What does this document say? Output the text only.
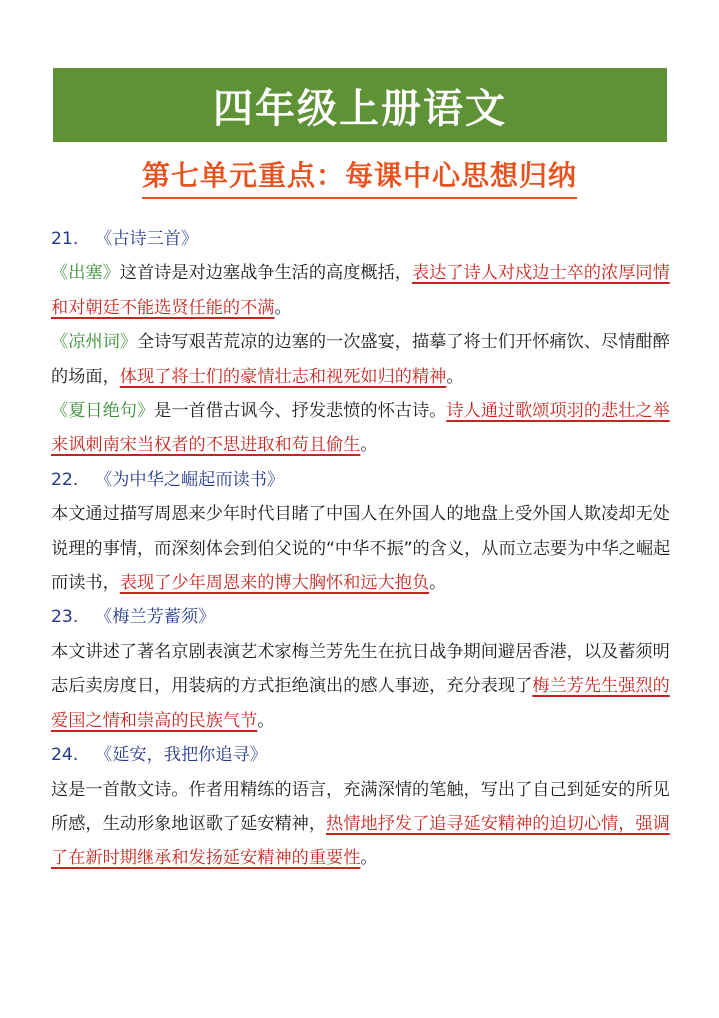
四年级上册语文
第七单元重点：每课中心思想归纳

21. 《古诗三首》

《出塞》这首诗是对边塞战争生活的高度概括，表达了诗人对戍边士卒的浓厚同情和对朝廷不能选贤任能的不满。

《凉州词》全诗写艰苦荒凉的边塞的一次盛宴，描摹了将士们开怀痛饮、尽情酣醉的场面，体现了将士们的豪情壮志和视死如归的精神。

《夏日绝句》是一首借古讽今、抒发悲愤的怀古诗。诗人通过歌颂项羽的悲壮之举来讽刺南宋当权者的不思进取和苟且偷生。

22. 《为中华之崛起而读书》

本文通过描写周恩来少年时代目睹了中国人在外国人的地盘上受外国人欺凌却无处说理的事情，而深刻体会到伯父说的“中华不振”的含义，从而立志要为中华之崛起而读书，表现了少年周恩来的博大胸怀和远大抱负。

23. 《梅兰芳蓄须》

本文讲述了著名京剧表演艺术家梅兰芳先生在抗日战争期间避居香港，以及蓄须明志后卖房度日，用装病的方式拒绝演出的感人事迹，充分表现了梅兰芳先生强烈的爱国之情和崇高的民族气节。

24. 《延安，我把你追寻》

这是一首散文诗。作者用精练的语言，充满深情的笔触，写出了自己到延安的所见所感，生动形象地讴歌了延安精神，热情地抒发了追寻延安精神的迫切心情，强调了在新时期继承和发扬延安精神的重要性。
